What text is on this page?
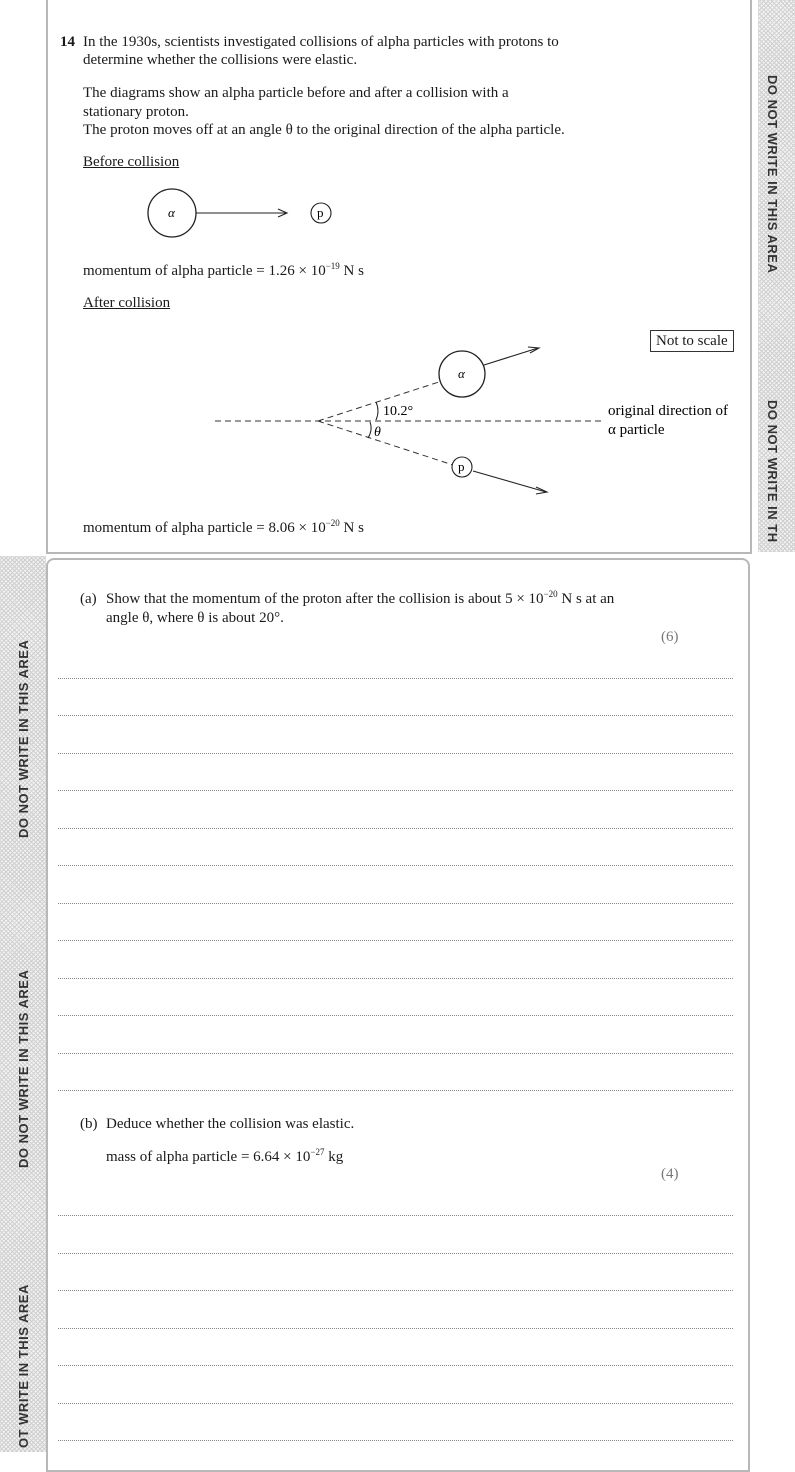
DO NOT WRITE IN THIS AREA
DO NOT WRITE IN TH
DO NOT WRITE IN THIS AREA
DO NOT WRITE IN THIS AREA
OT WRITE IN THIS AREA
14 In the 1930s, scientists investigated collisions of alpha particles with protons to
determine whether the collisions were elastic.
The diagrams show an alpha particle before and after a collision with a
stationary proton.
The proton moves off at an angle θ to the original direction of the alpha particle.
Before collision
α	p
momentum of alpha particle = $1.26 \times 10^{-19}$ N s
After collision
Not to scale
α
p
10.2°
θ
original direction of
α particle
momentum of alpha particle = $8.06 \times 10^{-20}$ N s
(a) Show that the momentum of the proton after the collision is about $5 \times 10^{-20}$ N s at an
angle θ, where θ is about 20°.
(6)
(b) Deduce whether the collision was elastic.
mass of alpha particle = $6.64 \times 10^{-27}$ kg
(4)
